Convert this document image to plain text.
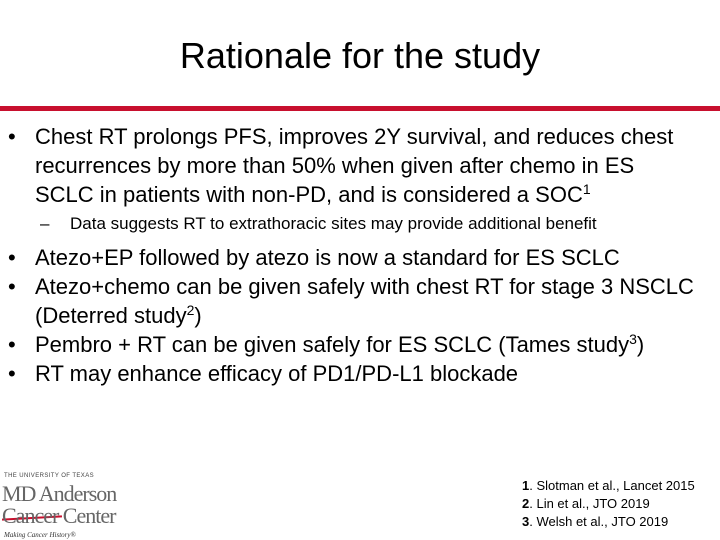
Rationale for the study
• Chest RT prolongs PFS, improves 2Y survival, and reduces chest recurrences by more than 50% when given after chemo in ES SCLC in patients with non-PD, and is considered a SOC$^1$
– Data suggests RT to extrathoracic sites may provide additional benefit
• Atezo+EP followed by atezo is now a standard for ES SCLC
• Atezo+chemo can be given safely with chest RT for stage 3 NSCLC (Deterred study$^2$)
• Pembro + RT can be given safely for ES SCLC (Tames study$^3$)
• RT may enhance efficacy of PD1/PD-L1 blockade
THE UNIVERSITY OF TEXAS
MD Anderson
Cancer Center
Making Cancer History®
1. Slotman et al., Lancet 2015
2. Lin et al., JTO 2019
3. Welsh et al., JTO 2019
